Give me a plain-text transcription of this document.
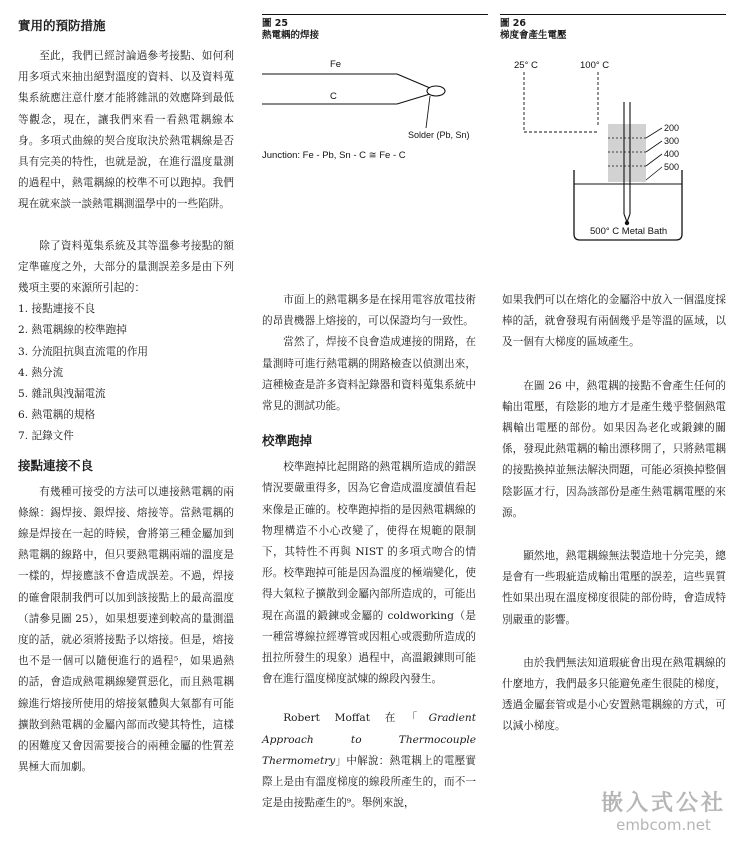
實用的預防措施

至此，我們已經討論過參考接點、如何利用多項式來抽出絕對溫度的資料、以及資料蒐集系統應注意什麼才能將雜訊的效應降到最低等觀念，現在，讓我們來看一看熱電耦線本身。多項式曲線的契合度取決於熱電耦線是否具有完美的特性，也就是說，在進行溫度量測的過程中，熱電耦線的校準不可以跑掉。我們現在就來談一談熱電耦測溫學中的一些陷阱。

除了資料蒐集系統及其等溫參考接點的額定準確度之外，大部分的量測誤差多是由下列幾項主要的來源所引起的：

1. 接點連接不良
2. 熱電耦線的校準跑掉
3. 分流阻抗與直流電的作用
4. 熱分流
5. 雜訊與洩漏電流
6. 熱電耦的規格
7. 記錄文件

接點連接不良

有幾種可接受的方法可以連接熱電耦的兩條線：錫焊接、銀焊接、熔接等。當熱電耦的線是焊接在一起的時候，會將第三種金屬加到熱電耦的線路中，但只要熱電耦兩端的溫度是一樣的，焊接應該不會造成誤差。不過，焊接的確會限制我們可以加到該接點上的最高溫度（請參見圖 25），如果想要達到較高的量測溫度的話，就必須將接點予以熔接。但是，熔接也不是一個可以隨便進行的過程⁵，如果過熱的話，會造成熱電耦線變質惡化，而且熱電耦線進行熔接所使用的熔接氣體與大氣都有可能擴散到熱電耦的金屬內部而改變其特性，這樣的困難度又會因需要接合的兩種金屬的性質差異極大而加劇。

圖 25

熱電耦的焊接

Fe
C
Solder (Pb, Sn)

Junction: Fe - Pb, Sn - C ≅ Fe - C

圖 26

梯度會產生電壓

25° C	100° C
200
300
400
500
500° C Metal Bath

市面上的熱電耦多是在採用電容放電技術的昂貴機器上熔接的，可以保證均勻一致性。

當然了，焊接不良會造成連接的開路，在量測時可進行熱電耦的開路檢查以偵測出來，這種檢查是許多資料記錄器和資料蒐集系統中常見的測試功能。

校準跑掉

校準跑掉比起開路的熱電耦所造成的錯誤情況要嚴重得多，因為它會造成溫度讀值看起來像是正確的。校準跑掉指的是因熱電耦線的物理構造不小心改變了，使得在規範的限制下，其特性不再與 NIST 的多項式吻合的情形。校準跑掉可能是因為溫度的極端變化，使得大氣粒子擴散到金屬內部所造成的，可能出現在高溫的鍛鍊或金屬的 coldworking（是一種當導線拉經導管或因粗心或震動所造成的扭拉所發生的現象）過程中，高溫鍛鍊則可能會在進行溫度梯度試煉的線段內發生。

Robert Moffat 在「Gradient Approach to Thermocouple Thermometry」中解說：熱電耦上的電壓實際上是由有溫度梯度的線段所產生的，而不一定是由接點產生的⁹。舉例來說，

如果我們可以在熔化的金屬浴中放入一個溫度採棒的話，就會發現有兩個幾乎是等溫的區域，以及一個有大梯度的區域產生。

在圖 26 中，熱電耦的接點不會產生任何的輸出電壓，有陰影的地方才是產生幾乎整個熱電耦輸出電壓的部份。如果因為老化或鍛鍊的關係，發現此熱電耦的輸出漂移開了，只將熱電耦的接點換掉並無法解決問題，可能必須換掉整個陰影區才行，因為該部份是產生熱電耦電壓的來源。

顯然地，熱電耦線無法製造地十分完美，總是會有一些瑕疵造成輸出電壓的誤差，這些異質性如果出現在溫度梯度很陡的部份時，會造成特別嚴重的影響。

由於我們無法知道瑕疵會出現在熱電耦線的什麼地方，我們最多只能避免產生很陡的梯度，透過金屬套管或是小心安置熱電耦線的方式，可以減小梯度。

嵌入式公社
embcom.net
